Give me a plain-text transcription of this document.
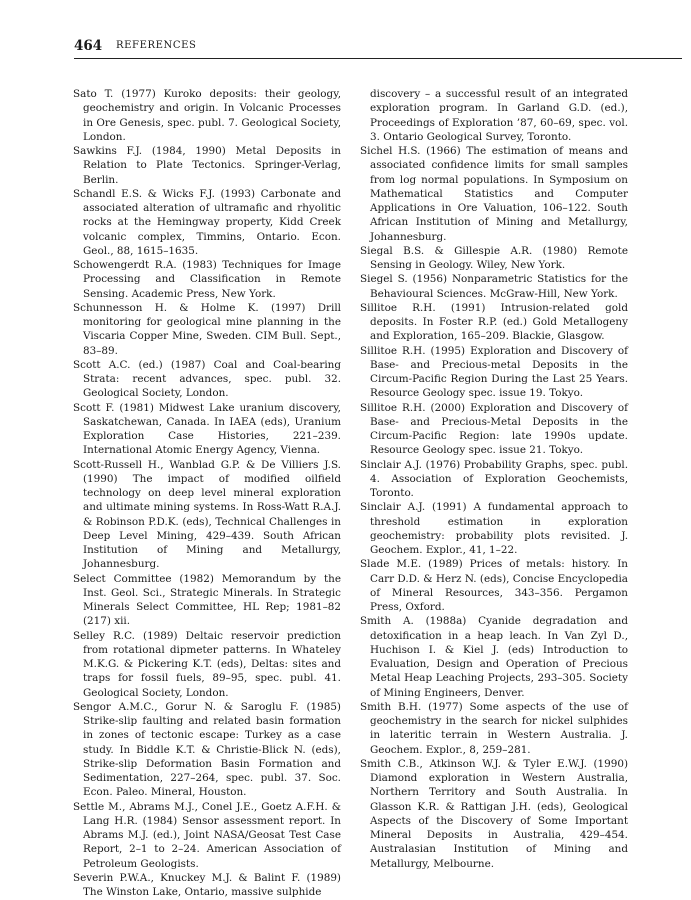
464 REFERENCES

Sato T. (1977) Kuroko deposits: their geology, geochemistry and origin. In Volcanic Processes in Ore Genesis, spec. publ. 7. Geological Society, London.

Sawkins F.J. (1984, 1990) Metal Deposits in Relation to Plate Tectonics. Springer-Verlag, Berlin.

Schandl E.S. & Wicks F.J. (1993) Carbonate and associated alteration of ultramafic and rhyolitic rocks at the Hemingway property, Kidd Creek volcanic complex, Timmins, Ontario. Econ. Geol., 88, 1615–1635.

Schowengerdt R.A. (1983) Techniques for Image Processing and Classification in Remote Sensing. Academic Press, New York.

Schunnesson H. & Holme K. (1997) Drill monitoring for geological mine planning in the Viscaria Copper Mine, Sweden. CIM Bull. Sept., 83–89.

Scott A.C. (ed.) (1987) Coal and Coal-bearing Strata: recent advances, spec. publ. 32. Geological Society, London.

Scott F. (1981) Midwest Lake uranium discovery, Saskatchewan, Canada. In IAEA (eds), Uranium Exploration Case Histories, 221–239. International Atomic Energy Agency, Vienna.

Scott-Russell H., Wanblad G.P. & De Villiers J.S. (1990) The impact of modified oilfield technology on deep level mineral exploration and ultimate mining systems. In Ross-Watt R.A.J. & Robinson P.D.K. (eds), Technical Challenges in Deep Level Mining, 429–439. South African Institution of Mining and Metallurgy, Johannesburg.

Select Committee (1982) Memorandum by the Inst. Geol. Sci., Strategic Minerals. In Strategic Minerals Select Committee, HL Rep; 1981–82 (217) xii.

Selley R.C. (1989) Deltaic reservoir prediction from rotational dipmeter patterns. In Whateley M.K.G. & Pickering K.T. (eds), Deltas: sites and traps for fossil fuels, 89–95, spec. publ. 41. Geological Society, London.

Sengor A.M.C., Gorur N. & Saroglu F. (1985) Strike-slip faulting and related basin formation in zones of tectonic escape: Turkey as a case study. In Biddle K.T. & Christie-Blick N. (eds), Strike-slip Deformation Basin Formation and Sedimentation, 227–264, spec. publ. 37. Soc. Econ. Paleo. Mineral, Houston.

Settle M., Abrams M.J., Conel J.E., Goetz A.F.H. & Lang H.R. (1984) Sensor assessment report. In Abrams M.J. (ed.), Joint NASA/Geosat Test Case Report, 2–1 to 2–24. American Association of Petroleum Geologists.

Severin P.W.A., Knuckey M.J. & Balint F. (1989) The Winston Lake, Ontario, massive sulphide

discovery – a successful result of an integrated exploration program. In Garland G.D. (ed.), Proceedings of Exploration ’87, 60–69, spec. vol. 3. Ontario Geological Survey, Toronto.

Sichel H.S. (1966) The estimation of means and associated confidence limits for small samples from log normal populations. In Symposium on Mathematical Statistics and Computer Applications in Ore Valuation, 106–122. South African Institution of Mining and Metallurgy, Johannesburg.

Siegal B.S. & Gillespie A.R. (1980) Remote Sensing in Geology. Wiley, New York.

Siegel S. (1956) Nonparametric Statistics for the Behavioural Sciences. McGraw-Hill, New York.

Sillitoe R.H. (1991) Intrusion-related gold deposits. In Foster R.P. (ed.) Gold Metallogeny and Exploration, 165–209. Blackie, Glasgow.

Sillitoe R.H. (1995) Exploration and Discovery of Base- and Precious-metal Deposits in the Circum-Pacific Region During the Last 25 Years. Resource Geology spec. issue 19. Tokyo.

Sillitoe R.H. (2000) Exploration and Discovery of Base- and Precious-Metal Deposits in the Circum-Pacific Region: late 1990s update. Resource Geology spec. issue 21. Tokyo.

Sinclair A.J. (1976) Probability Graphs, spec. publ. 4. Association of Exploration Geochemists, Toronto.

Sinclair A.J. (1991) A fundamental approach to threshold estimation in exploration geochemistry: probability plots revisited. J. Geochem. Explor., 41, 1–22.

Slade M.E. (1989) Prices of metals: history. In Carr D.D. & Herz N. (eds), Concise Encyclopedia of Mineral Resources, 343–356. Pergamon Press, Oxford.

Smith A. (1988a) Cyanide degradation and detoxification in a heap leach. In Van Zyl D., Huchison I. & Kiel J. (eds) Introduction to Evaluation, Design and Operation of Precious Metal Heap Leaching Projects, 293–305. Society of Mining Engineers, Denver.

Smith B.H. (1977) Some aspects of the use of geochemistry in the search for nickel sulphides in lateritic terrain in Western Australia. J. Geochem. Explor., 8, 259–281.

Smith C.B., Atkinson W.J. & Tyler E.W.J. (1990) Diamond exploration in Western Australia, Northern Territory and South Australia. In Glasson K.R. & Rattigan J.H. (eds), Geological Aspects of the Discovery of Some Important Mineral Deposits in Australia, 429–454. Australasian Institution of Mining and Metallurgy, Melbourne.
